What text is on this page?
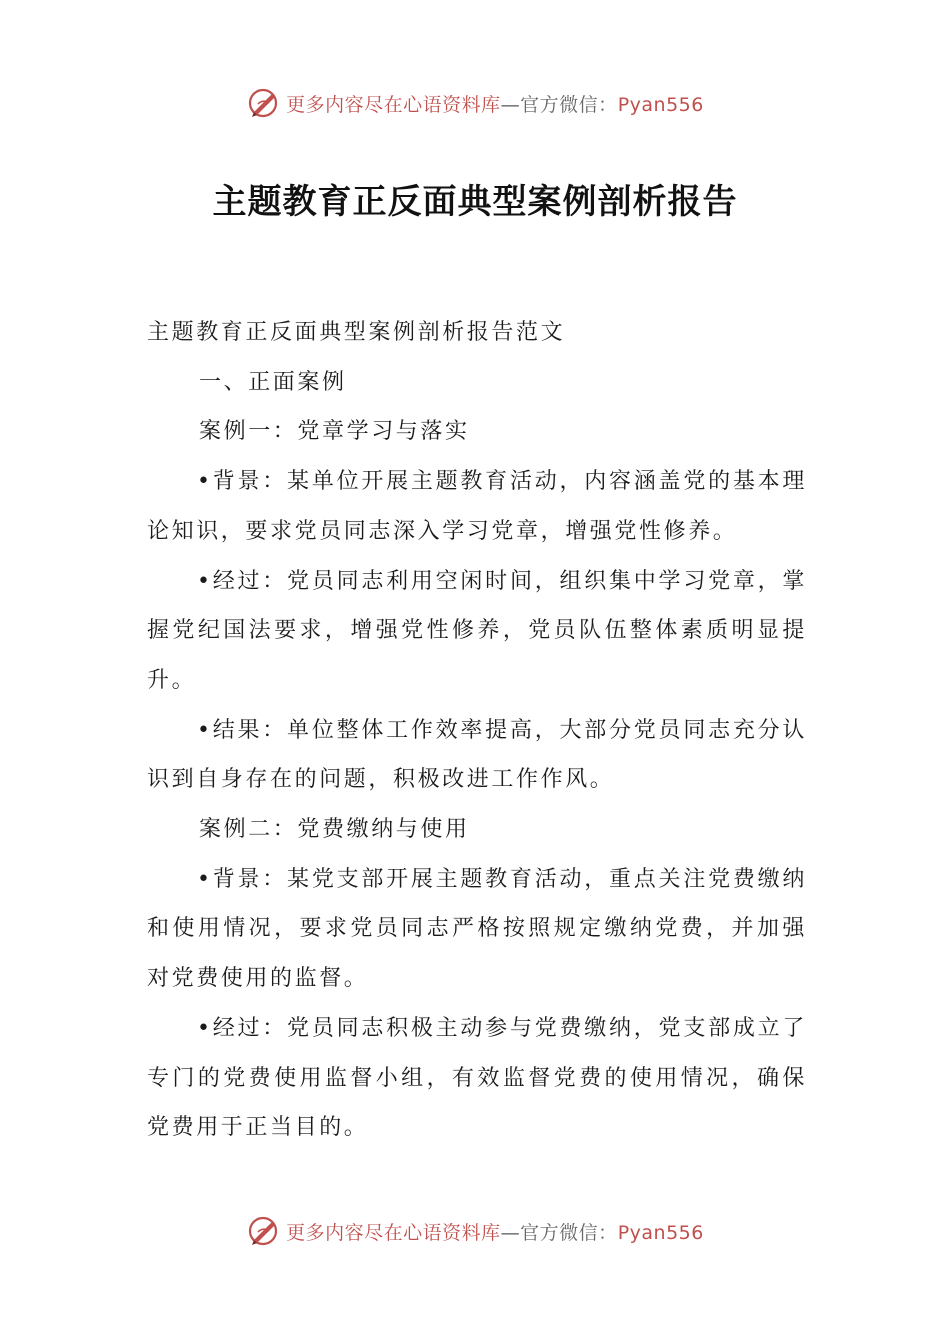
更多内容尽在心语资料库—官方微信：Pyan556
主题教育正反面典型案例剖析报告

主题教育正反面典型案例剖析报告范文

一、正面案例

案例一：党章学习与落实

•背景：某单位开展主题教育活动，内容涵盖党的基本理论知识，要求党员同志深入学习党章，增强党性修养。

•经过：党员同志利用空闲时间，组织集中学习党章，掌握党纪国法要求，增强党性修养，党员队伍整体素质明显提升。

•结果：单位整体工作效率提高，大部分党员同志充分认识到自身存在的问题，积极改进工作作风。

案例二：党费缴纳与使用

•背景：某党支部开展主题教育活动，重点关注党费缴纳和使用情况，要求党员同志严格按照规定缴纳党费，并加强对党费使用的监督。

•经过：党员同志积极主动参与党费缴纳，党支部成立了专门的党费使用监督小组，有效监督党费的使用情况，确保党费用于正当目的。

更多内容尽在心语资料库—官方微信：Pyan556
